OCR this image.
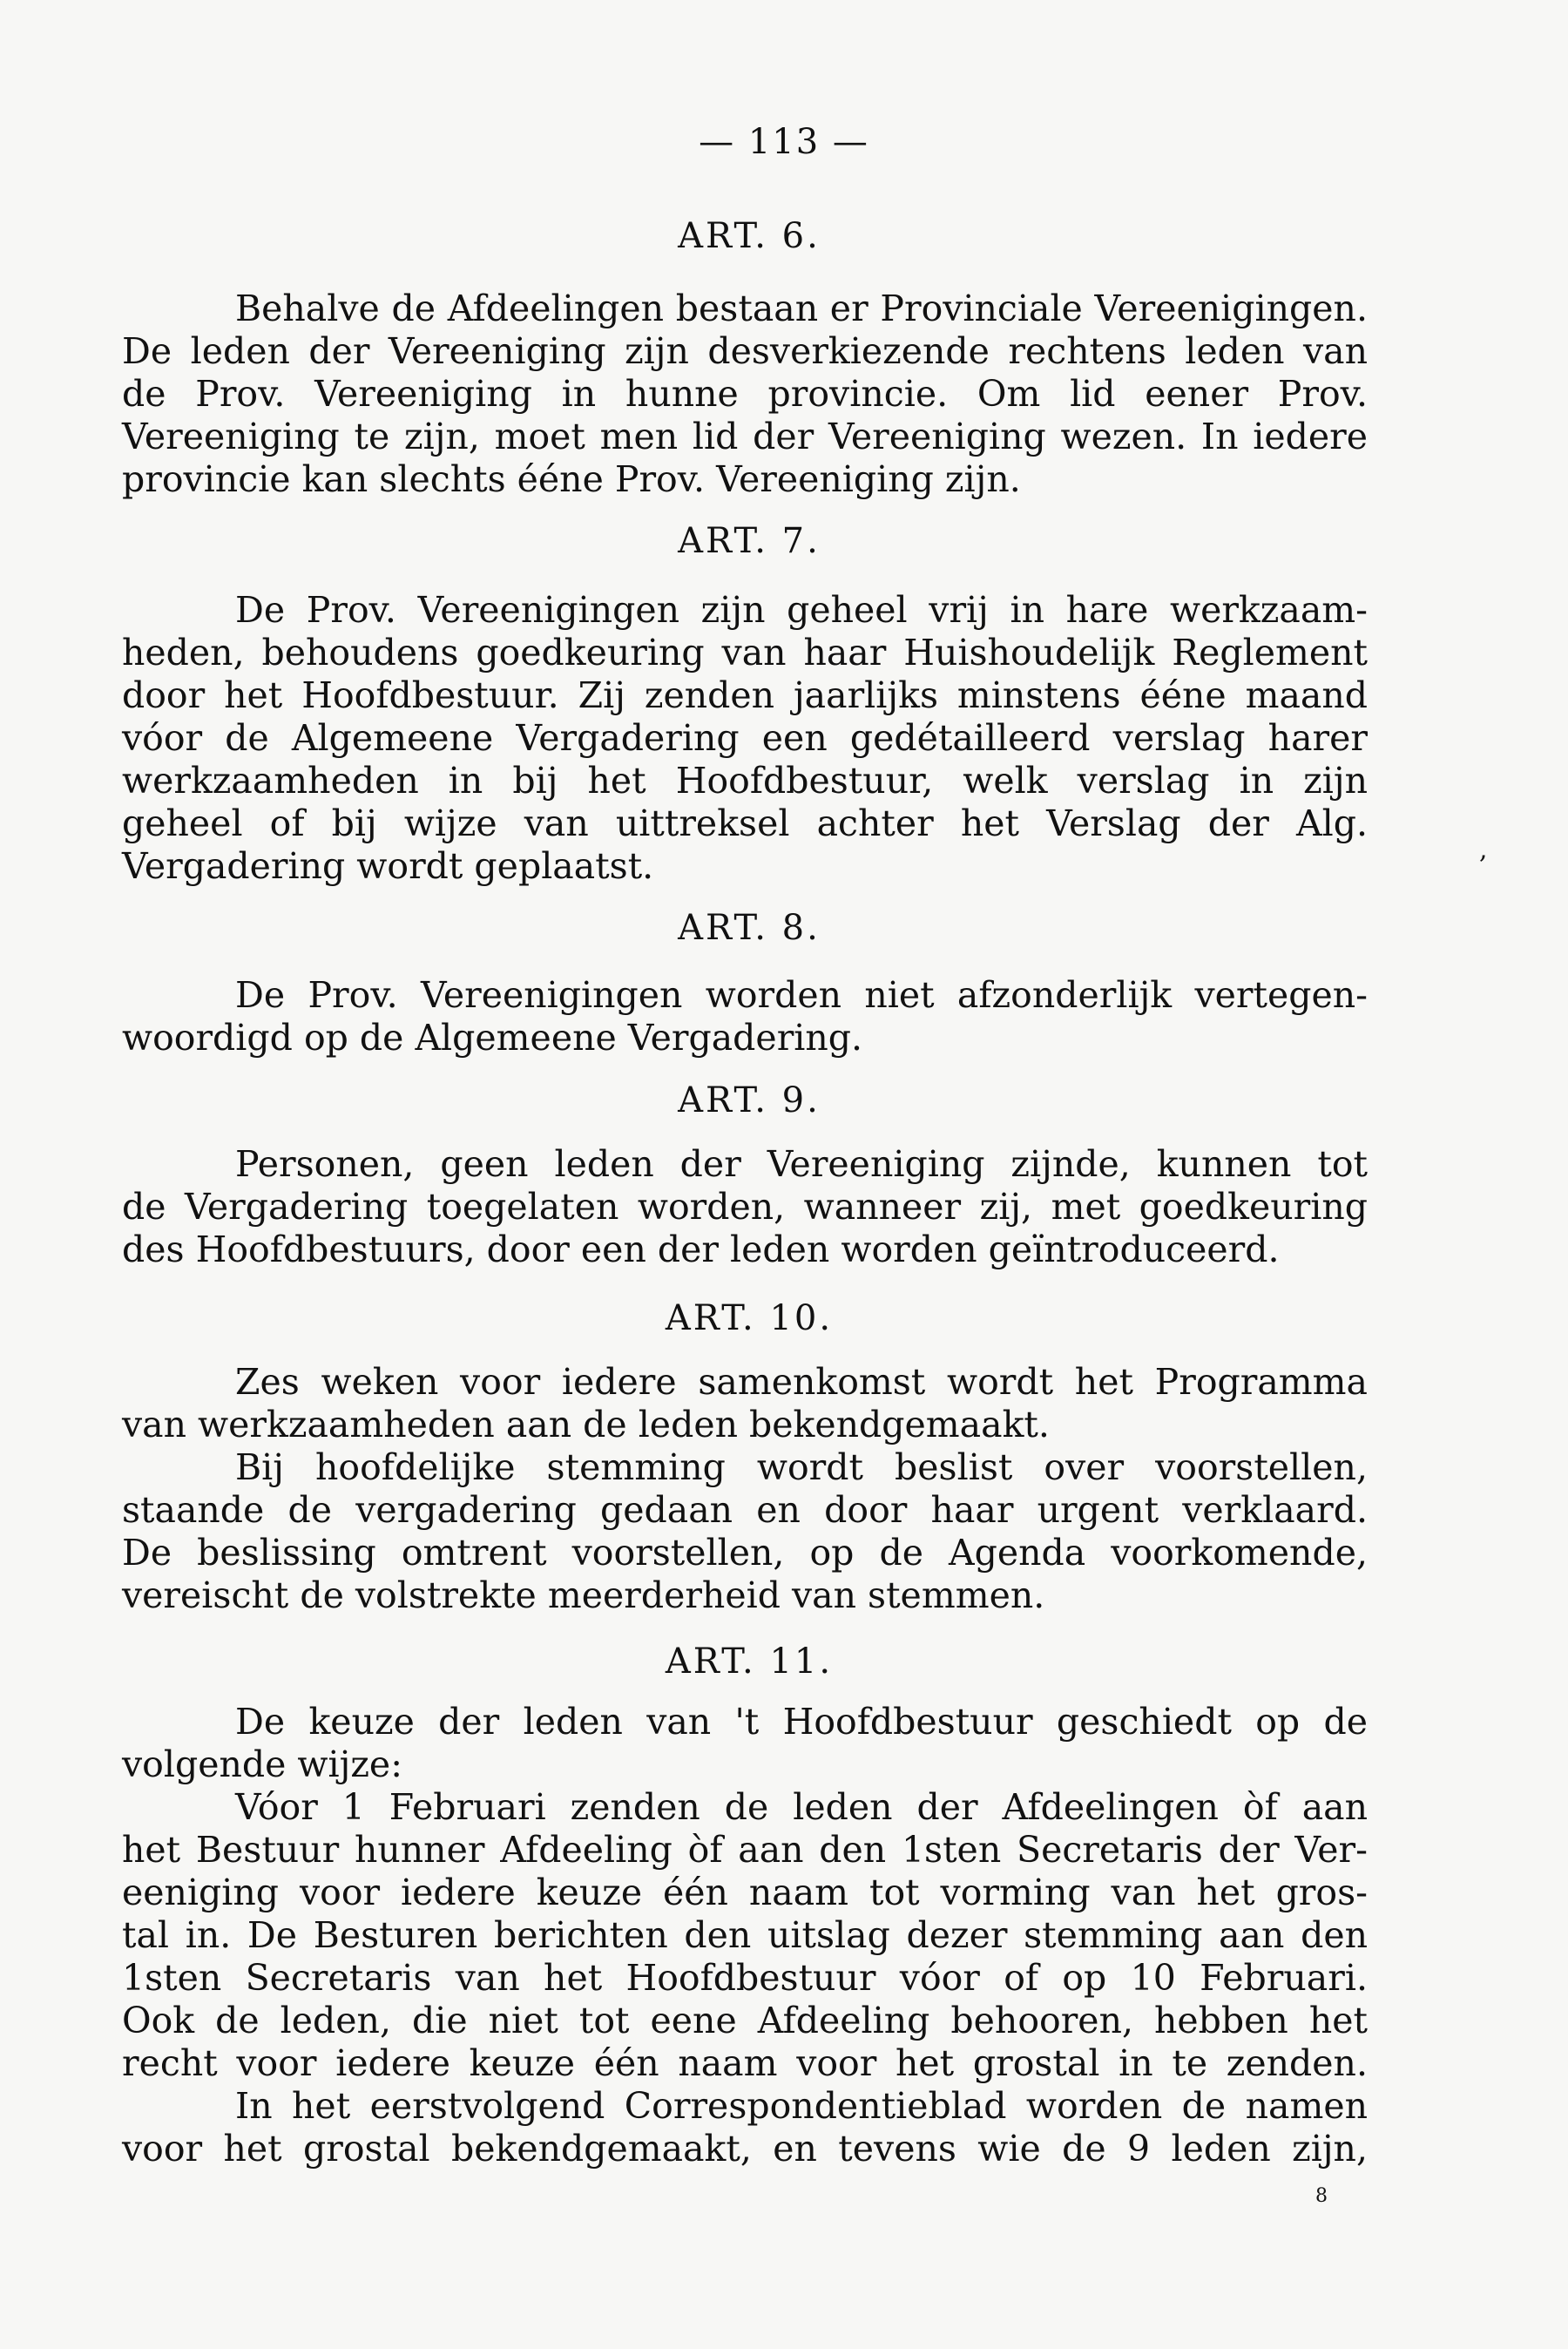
— 113 —
ART. 6.
Behalve de Afdeelingen bestaan er Provinciale Vereenigingen.
De leden der Vereeniging zijn desverkiezende rechtens leden van
de Prov. Vereeniging in hunne provincie. Om lid eener Prov.
Vereeniging te zijn, moet men lid der Vereeniging wezen. In iedere
provincie kan slechts ééne Prov. Vereeniging zijn.
ART. 7.
De Prov. Vereenigingen zijn geheel vrij in hare werkzaam-
heden, behoudens goedkeuring van haar Huishoudelijk Reglement
door het Hoofdbestuur. Zij zenden jaarlijks minstens ééne maand
vóor de Algemeene Vergadering een gedétailleerd verslag harer
werkzaamheden in bij het Hoofdbestuur, welk verslag in zijn
geheel of bij wijze van uittreksel achter het Verslag der Alg.
Vergadering wordt geplaatst.
ART. 8.
De Prov. Vereenigingen worden niet afzonderlijk vertegen-
woordigd op de Algemeene Vergadering.
ART. 9.
Personen, geen leden der Vereeniging zijnde, kunnen tot
de Vergadering toegelaten worden, wanneer zij, met goedkeuring
des Hoofdbestuurs, door een der leden worden geïntroduceerd.
ART. 10.
Zes weken voor iedere samenkomst wordt het Programma
van werkzaamheden aan de leden bekendgemaakt.
Bij hoofdelijke stemming wordt beslist over voorstellen,
staande de vergadering gedaan en door haar urgent verklaard.
De beslissing omtrent voorstellen, op de Agenda voorkomende,
vereischt de volstrekte meerderheid van stemmen.
ART. 11.
De keuze der leden van 't Hoofdbestuur geschiedt op de
volgende wijze:
Vóor 1 Februari zenden de leden der Afdeelingen òf aan
het Bestuur hunner Afdeeling òf aan den 1sten Secretaris der Ver-
eeniging voor iedere keuze één naam tot vorming van het gros-
tal in. De Besturen berichten den uitslag dezer stemming aan den
1sten Secretaris van het Hoofdbestuur vóor of op 10 Februari.
Ook de leden, die niet tot eene Afdeeling behooren, hebben het
recht voor iedere keuze één naam voor het grostal in te zenden.
In het eerstvolgend Correspondentieblad worden de namen
voor het grostal bekendgemaakt, en tevens wie de 9 leden zijn,
8
,
